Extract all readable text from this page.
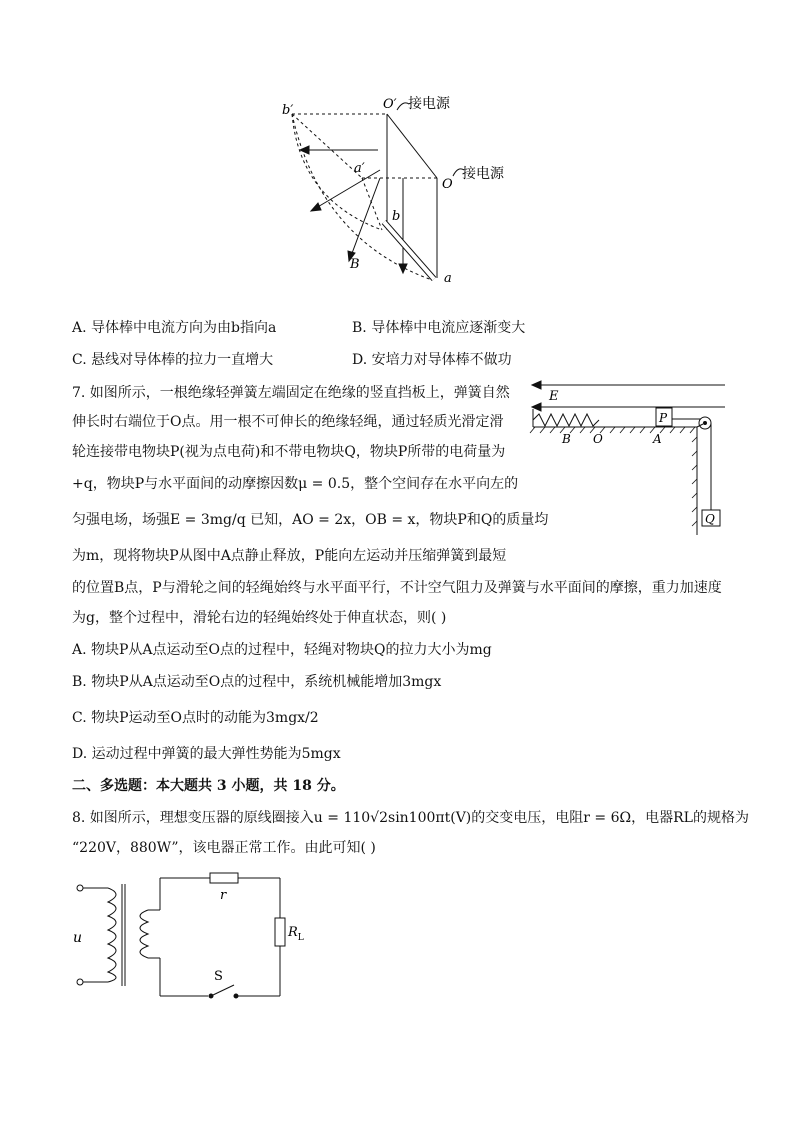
b′	O′ 接电源
O
接电源
a′
b
B
a
A. 导体棒中电流方向为由b指向a	B. 导体棒中电流应逐渐变大
C. 悬线对导体棒的拉力一直增大	D. 安培力对导体棒不做功
7. 如图所示，一根绝缘轻弹簧左端固定在绝缘的竖直挡板上，弹簧自然
伸长时右端位于O点。用一根不可伸长的绝缘轻绳，通过轻质光滑定滑
轮连接带电物块P(视为点电荷)和不带电物块Q，物块P所带的电荷量为
+q，物块P与水平面间的动摩擦因数μ = 0.5，整个空间存在水平向左的
匀强电场，场强E = 3mg/q 已知，AO = 2x，OB = x，物块P和Q的质量均
为m，现将物块P从图中A点静止释放，P能向左运动并压缩弹簧到最短
的位置B点，P与滑轮之间的轻绳始终与水平面平行，不计空气阻力及弹簧与水平面间的摩擦，重力加速度
为g，整个过程中，滑轮右边的轻绳始终处于伸直状态，则( )
E
P
B O	A
Q
A. 物块P从A点运动至O点的过程中，轻绳对物块Q的拉力大小为mg
B. 物块P从A点运动至O点的过程中，系统机械能增加3mgx
C. 物块P运动至O点时的动能为3mgx/2
D. 运动过程中弹簧的最大弹性势能为5mgx
二、多选题：本大题共 3 小题，共 18 分。
8. 如图所示，理想变压器的原线圈接入u = 110√2sin100πt(V)的交变电压，电阻r = 6Ω，电器RL的规格为
“220V，880W”，该电器正常工作。由此可知( )
u
r
$R_L$
S
